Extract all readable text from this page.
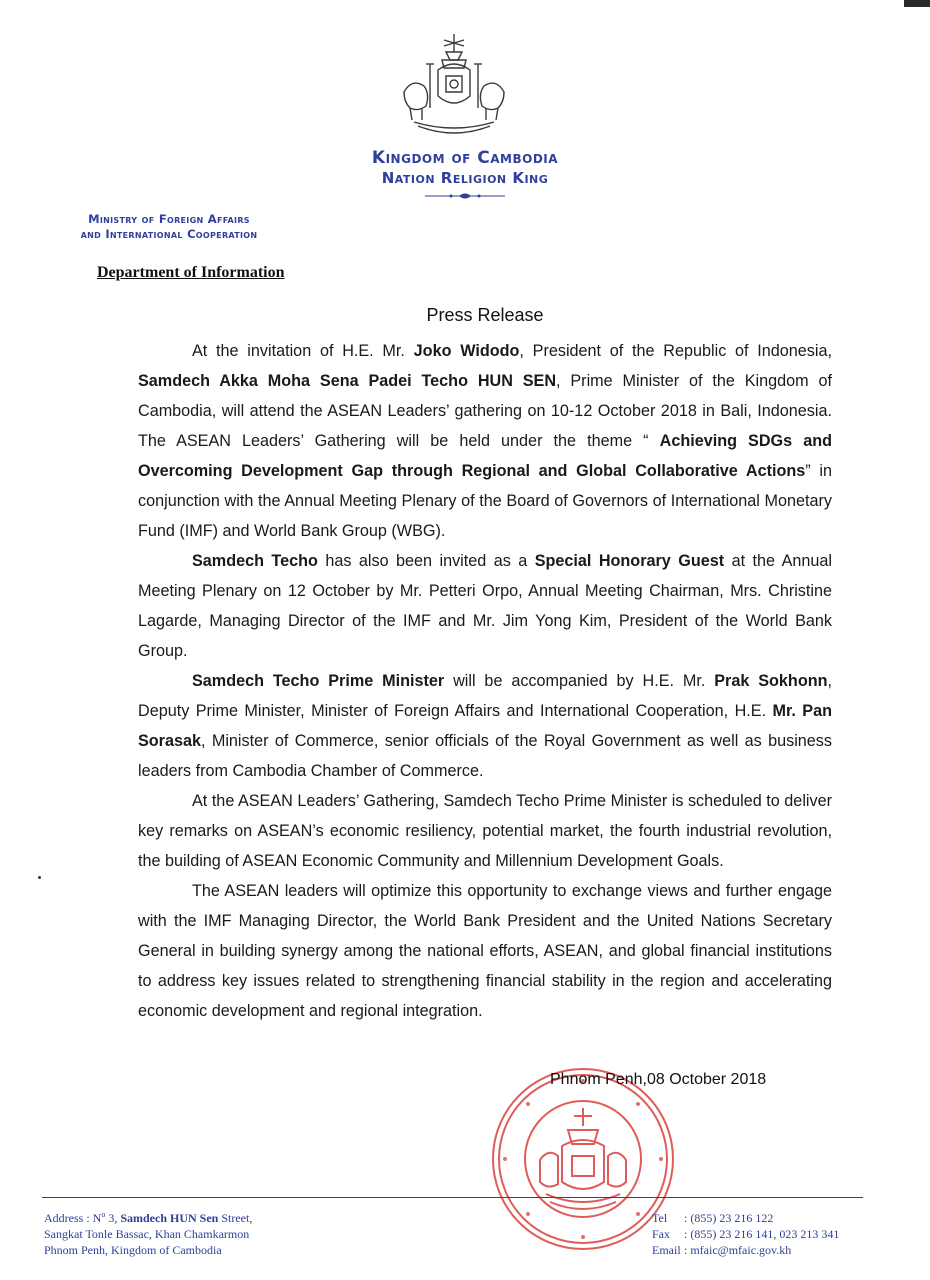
Kingdom of Cambodia
Nation Religion King
Ministry of Foreign Affairs
and International Cooperation
Department of Information
Press Release

At the invitation of H.E. Mr. Joko Widodo, President of the Republic of Indonesia, Samdech Akka Moha Sena Padei Techo HUN SEN, Prime Minister of the Kingdom of Cambodia, will attend the ASEAN Leaders’ gathering on 10-12 October 2018 in Bali, Indonesia. The ASEAN Leaders’ Gathering will be held under the theme “ Achieving SDGs and Overcoming Development Gap through Regional and Global Collaborative Actions” in conjunction with the Annual Meeting Plenary of the Board of Governors of International Monetary Fund (IMF) and World Bank Group (WBG).

Samdech Techo has also been invited as a Special Honorary Guest at the Annual Meeting Plenary on 12 October by Mr. Petteri Orpo, Annual Meeting Chairman, Mrs. Christine Lagarde, Managing Director of the IMF and Mr. Jim Yong Kim, President of the World Bank Group.

Samdech Techo Prime Minister will be accompanied by H.E. Mr. Prak Sokhonn, Deputy Prime Minister, Minister of Foreign Affairs and International Cooperation, H.E. Mr. Pan Sorasak, Minister of Commerce, senior officials of the Royal Government as well as business leaders from Cambodia Chamber of Commerce.

At the ASEAN Leaders’ Gathering, Samdech Techo Prime Minister is scheduled to deliver key remarks on ASEAN’s economic resiliency, potential market, the fourth industrial revolution, the building of ASEAN Economic Community and Millennium Development Goals.

The ASEAN leaders will optimize this opportunity to exchange views and further engage with the IMF Managing Director, the World Bank President and the United Nations Secretary General in building synergy among the national efforts, ASEAN, and global financial institutions to address key issues related to strengthening financial stability in the region and accelerating economic development and regional integration.

Phnom Penh,08 October 2018
Address : $N^o$ 3, Samdech HUN Sen Street,
Sangkat Tonle Bassac, Khan Chamkarmon
Phnom Penh, Kingdom of Cambodia
Tel	: (855) 23 216 122
Fax	: (855) 23 216 141, 023 213 341
Email : mfaic@mfaic.gov.kh
